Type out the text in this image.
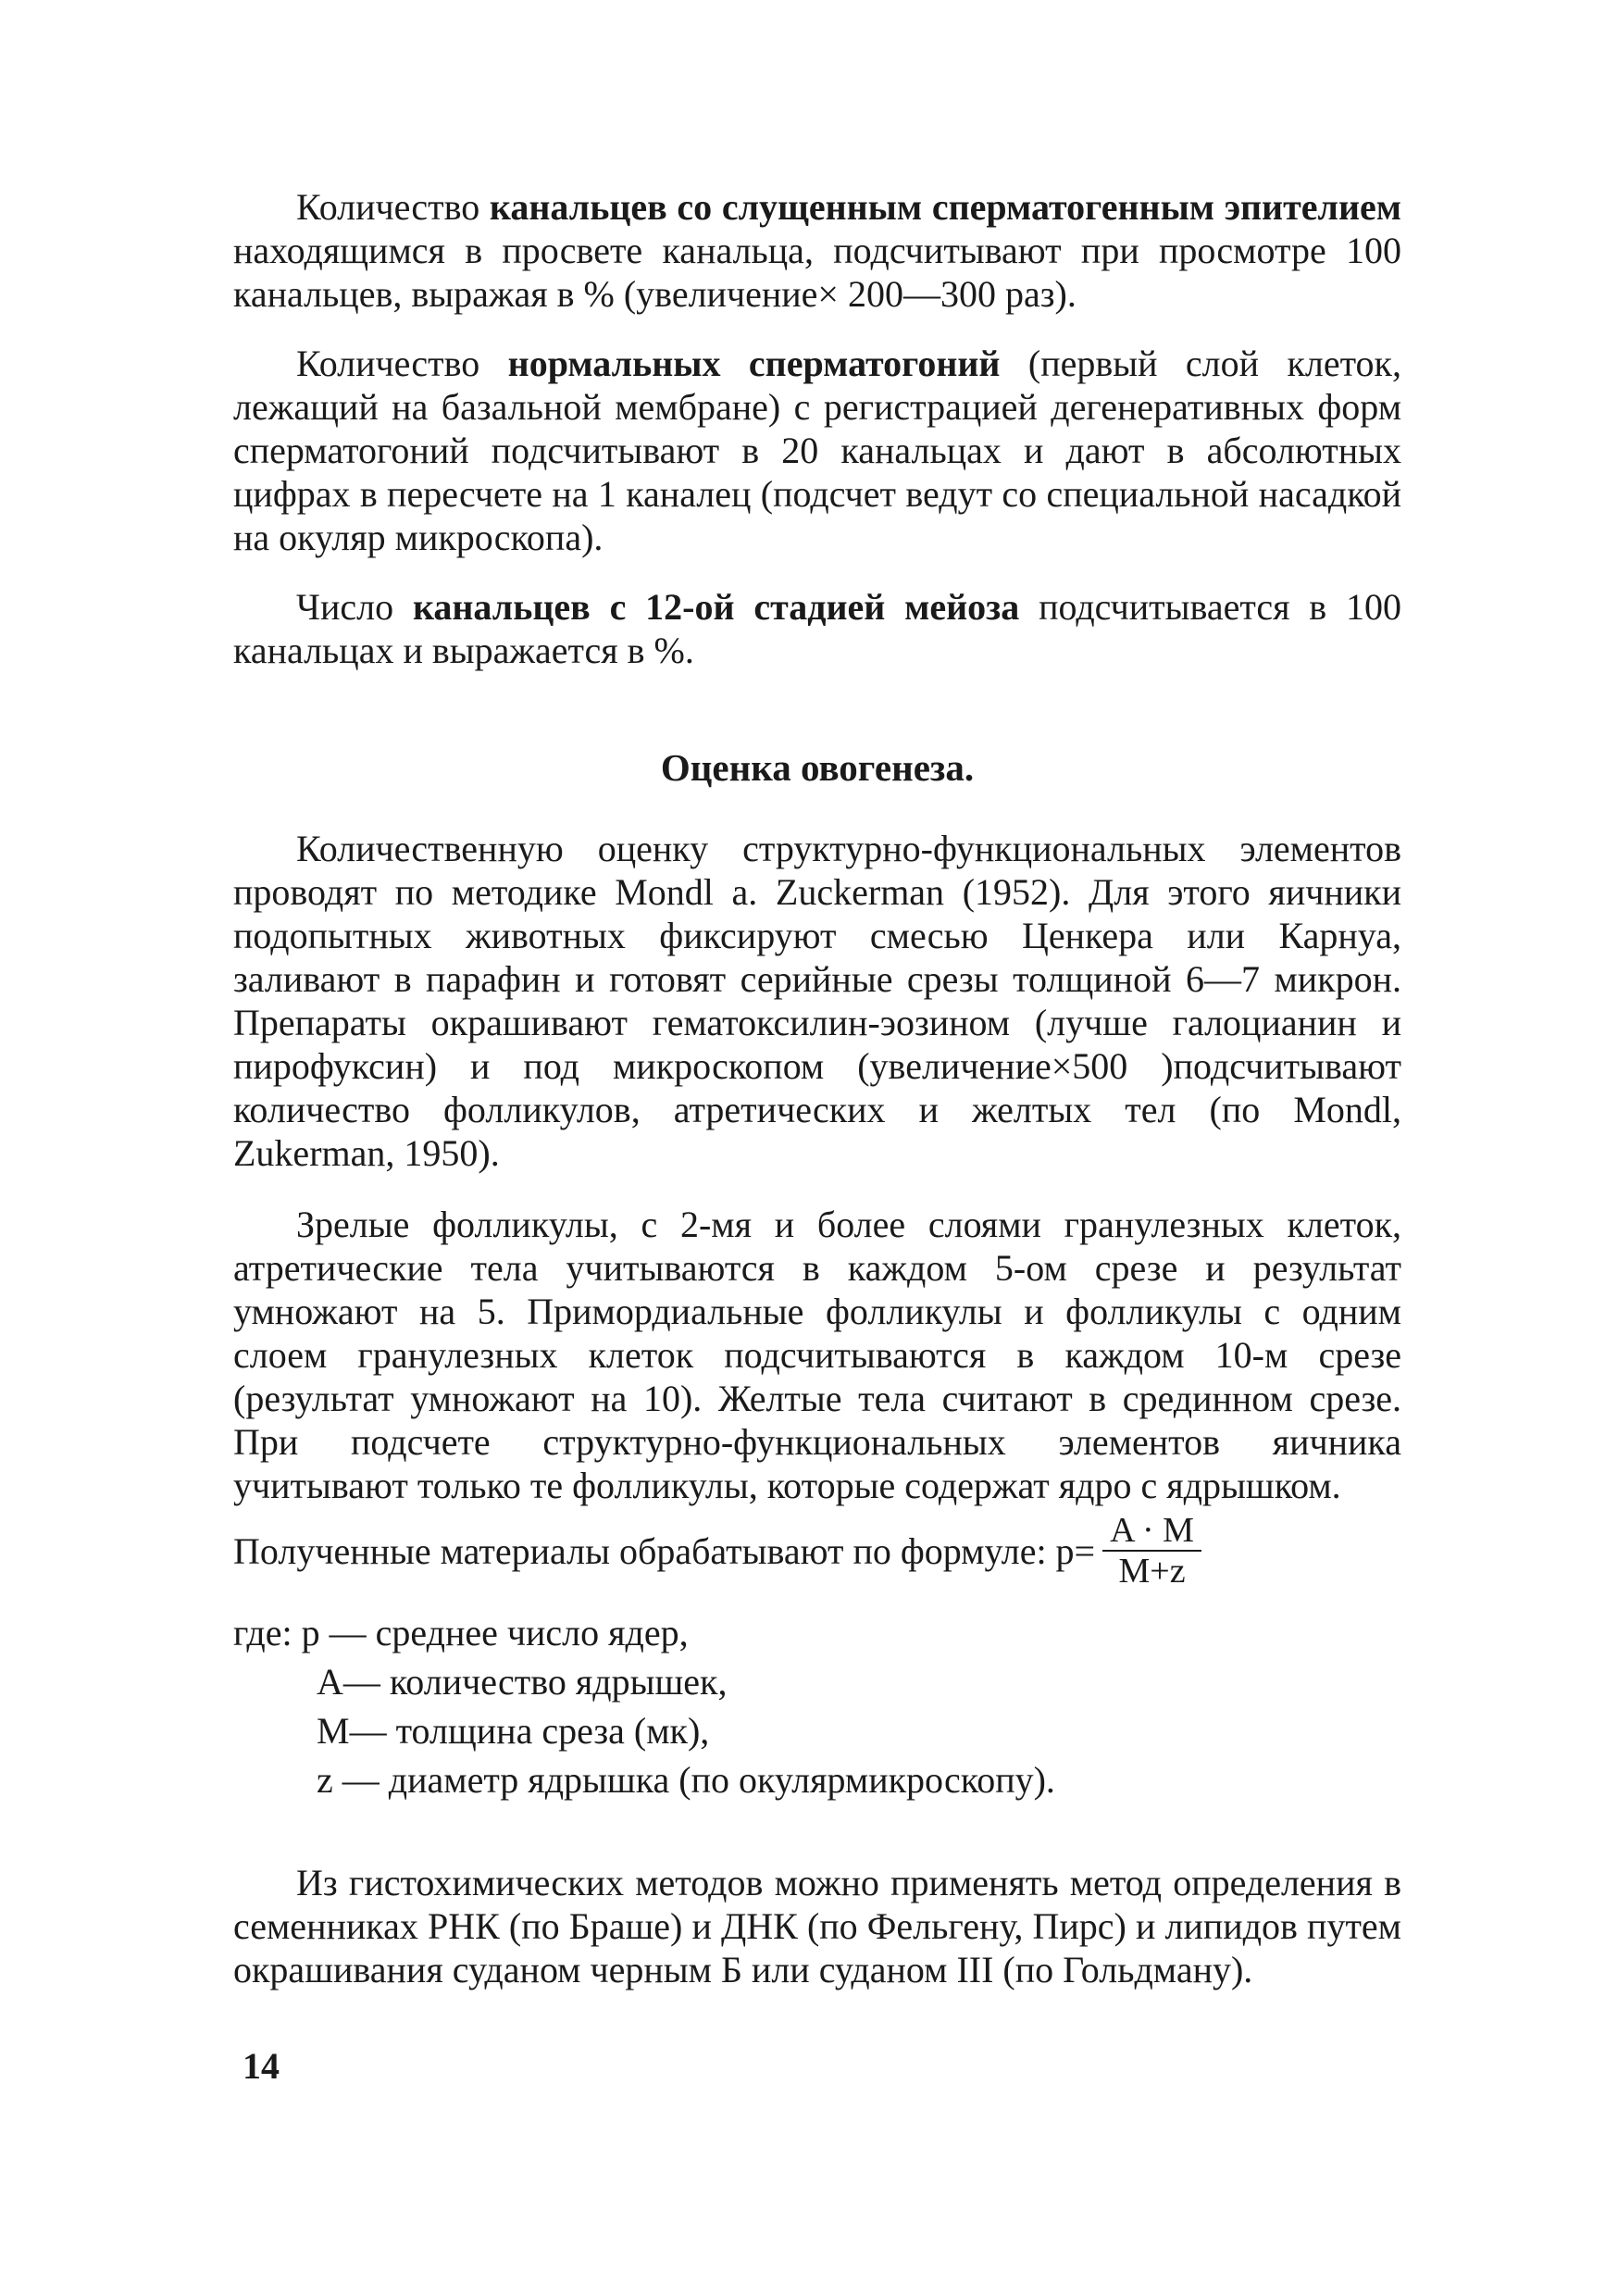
Количество канальцев со слущенным сперматогенным эпителием находящимся в просвете канальца, подсчитывают при просмотре 100 канальцев, выражая в % (увеличение× 200—300 раз).

Количество нормальных сперматогоний (первый слой клеток, лежащий на базальной мембране) с регистрацией дегенеративных форм сперматогоний подсчитывают в 20 канальцах и дают в абсолютных цифрах в пересчете на 1 каналец (подсчет ведут со специальной насадкой на окуляр микроскопа).

Число канальцев с 12-ой стадией мейоза подсчитывается в 100 канальцах и выражается в %.

Оценка овогенеза.

Количественную оценку структурно-функциональных элементов проводят по методике Mondl a. Zuckerman (1952). Для этого яичники подопытных животных фиксируют смесью Ценкера или Карнуа, заливают в парафин и готовят серийные срезы толщиной 6—7 микрон. Препараты окрашивают гематоксилин-эозином (лучше галоцианин и пирофуксин) и под микроскопом (увеличение×500 )подсчитывают количество фолликулов, атретических и желтых тел (по Mondl, Zukerman, 1950).

Зрелые фолликулы, с 2-мя и более слоями гранулезных клеток, атретические тела учитываются в каждом 5-ом срезе и результат умножают на 5. Примордиальные фолликулы и фолликулы с одним слоем гранулезных клеток подсчитываются в каждом 10-м срезе (результат умножают на 10). Желтые тела считают в срединном срезе. При подсчете структурно-функциональных элементов яичника учитывают только те фолликулы, которые содержат ядро с ядрышком.

Полученные материалы обрабатывают по формуле: $р= \frac{A \cdot M}{M+z}$
где: р — среднее число ядер,
А— количество ядрышек,
М— толщина среза (мк),
z — диаметр ядрышка (по окулярмикроскопу).

Из гистохимических методов можно применять метод определения в семенниках РНК (по Браше) и ДНК (по Фельгену, Пирс) и липидов путем окрашивания суданом черным Б или суданом III (по Гольдману).

14
